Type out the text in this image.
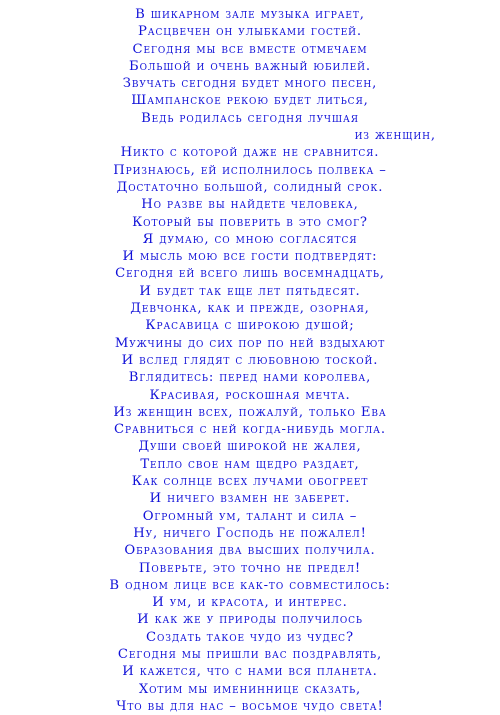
В шикарном зале музыка играет,
Расцвечен он улыбками гостей.
Сегодня мы все вместе отмечаем
Большой и очень важный юбилей.
Звучать сегодня будет много песен,
Шампанское рекою будет литься,
Ведь родилась сегодня лучшая
из женщин,
Никто с которой даже не сравнится.
Признаюсь, ей исполнилось полвека –
Достаточно большой, солидный срок.
Но разве вы найдете человека,
Который бы поверить в это смог?
Я думаю, со мною согласятся
И мысль мою все гости подтвердят:
Сегодня ей всего лишь восемнадцать,
И будет так еще лет пятьдесят.
Девчонка, как и прежде, озорная,
Красавица с широкою душой;
Мужчины до сих пор по ней вздыхают
И вслед глядят с любовною тоской.
Вглядитесь: перед нами королева,
Красивая, роскошная мечта.
Из женщин всех, пожалуй, только Ева
Сравниться с ней когда-нибудь могла.
Души своей широкой не жалея,
Тепло свое нам щедро раздает,
Как солнце всех лучами обогреет
И ничего взамен не заберет.
Огромный ум, талант и сила –
Ну, ничего Господь не пожалел!
Образования два высших получила.
Поверьте, это точно не предел!
В одном лице все как-то совместилось:
И ум, и красота, и интерес.
И как же у природы получилось
Создать такое чудо из чудес?
Сегодня мы пришли вас поздравлять,
И кажется, что с нами вся планета.
Хотим мы имениннице сказать,
Что вы для нас – восьмое чудо света!
